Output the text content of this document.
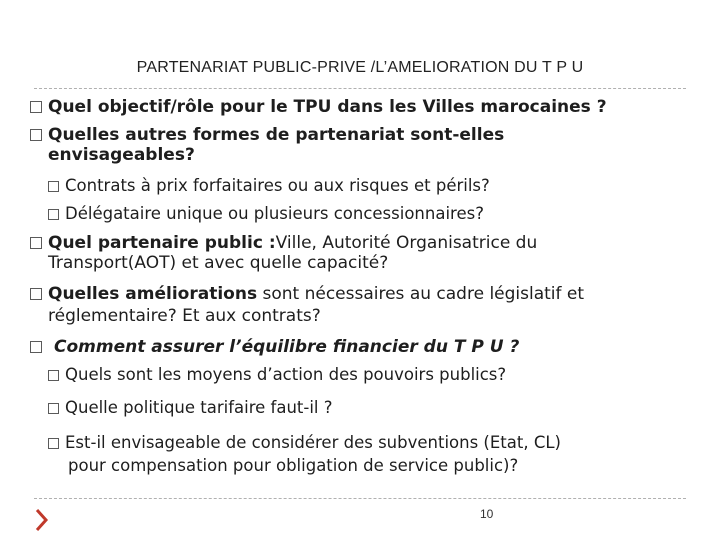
PARTENARIAT PUBLIC-PRIVE /L’AMELIORATION DU T P U
Quel objectif/rôle pour le TPU dans les Villes marocaines ?
Quelles autres formes de partenariat sont-elles
envisageables?
Contrats à prix forfaitaires ou aux risques et périls?
Délégataire unique ou plusieurs concessionnaires?
Quel partenaire public :Ville, Autorité Organisatrice du
Transport(AOT) et avec quelle capacité?
Quelles améliorations sont nécessaires au cadre législatif et
réglementaire? Et aux contrats?
Comment assurer l’équilibre financier du T P U ?
Quels sont les moyens d’action des pouvoirs publics?
Quelle politique tarifaire faut-il ?
Est-il envisageable de considérer des subventions (Etat, CL)
pour compensation pour obligation de service public)?
10
